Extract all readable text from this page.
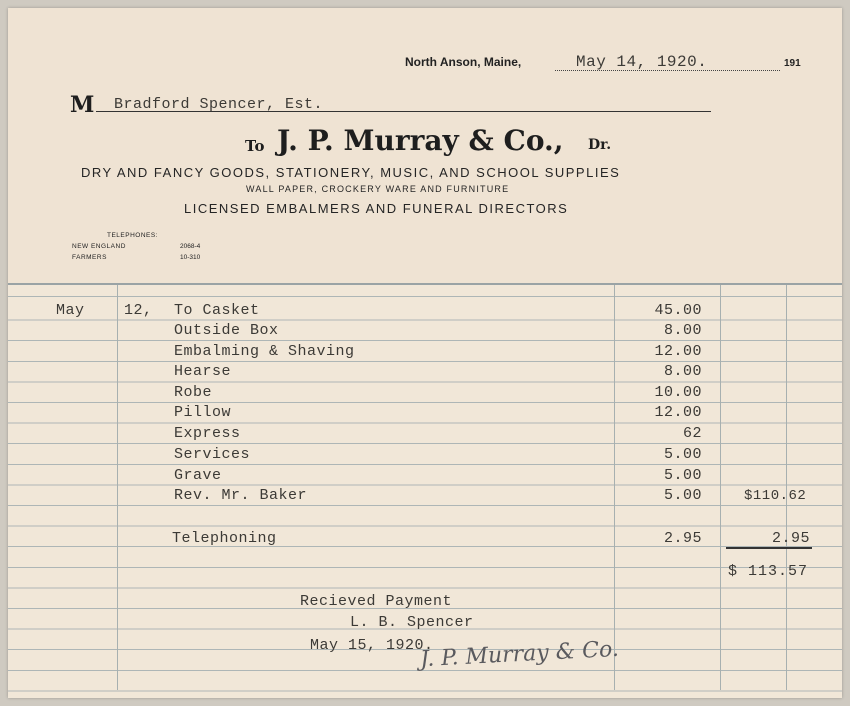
North Anson, Maine,	May 14, 1920.	191
M Bradford Spencer, Est.
To J. P. Murray & Co., Dr.
DRY AND FANCY GOODS, STATIONERY, MUSIC, AND SCHOOL SUPPLIES
WALL PAPER, CROCKERY WARE AND FURNITURE
LICENSED EMBALMERS AND FUNERAL DIRECTORS
TELEPHONES:
NEW ENGLAND	2068-4
FARMERS	10-310
May	12, To Casket	45.00
Outside Box	8.00
Embalming & Shaving	12.00
Hearse	8.00
Robe	10.00
Pillow	12.00
Express	62
Services	5.00
Grave	5.00
Rev. Mr. Baker	5.00	$110.62
Telephoning	2.95	2.95
$ 113.57
Recieved Payment
L. B. Spencer
May 15, 1920.
J. P. Murray & Co.
